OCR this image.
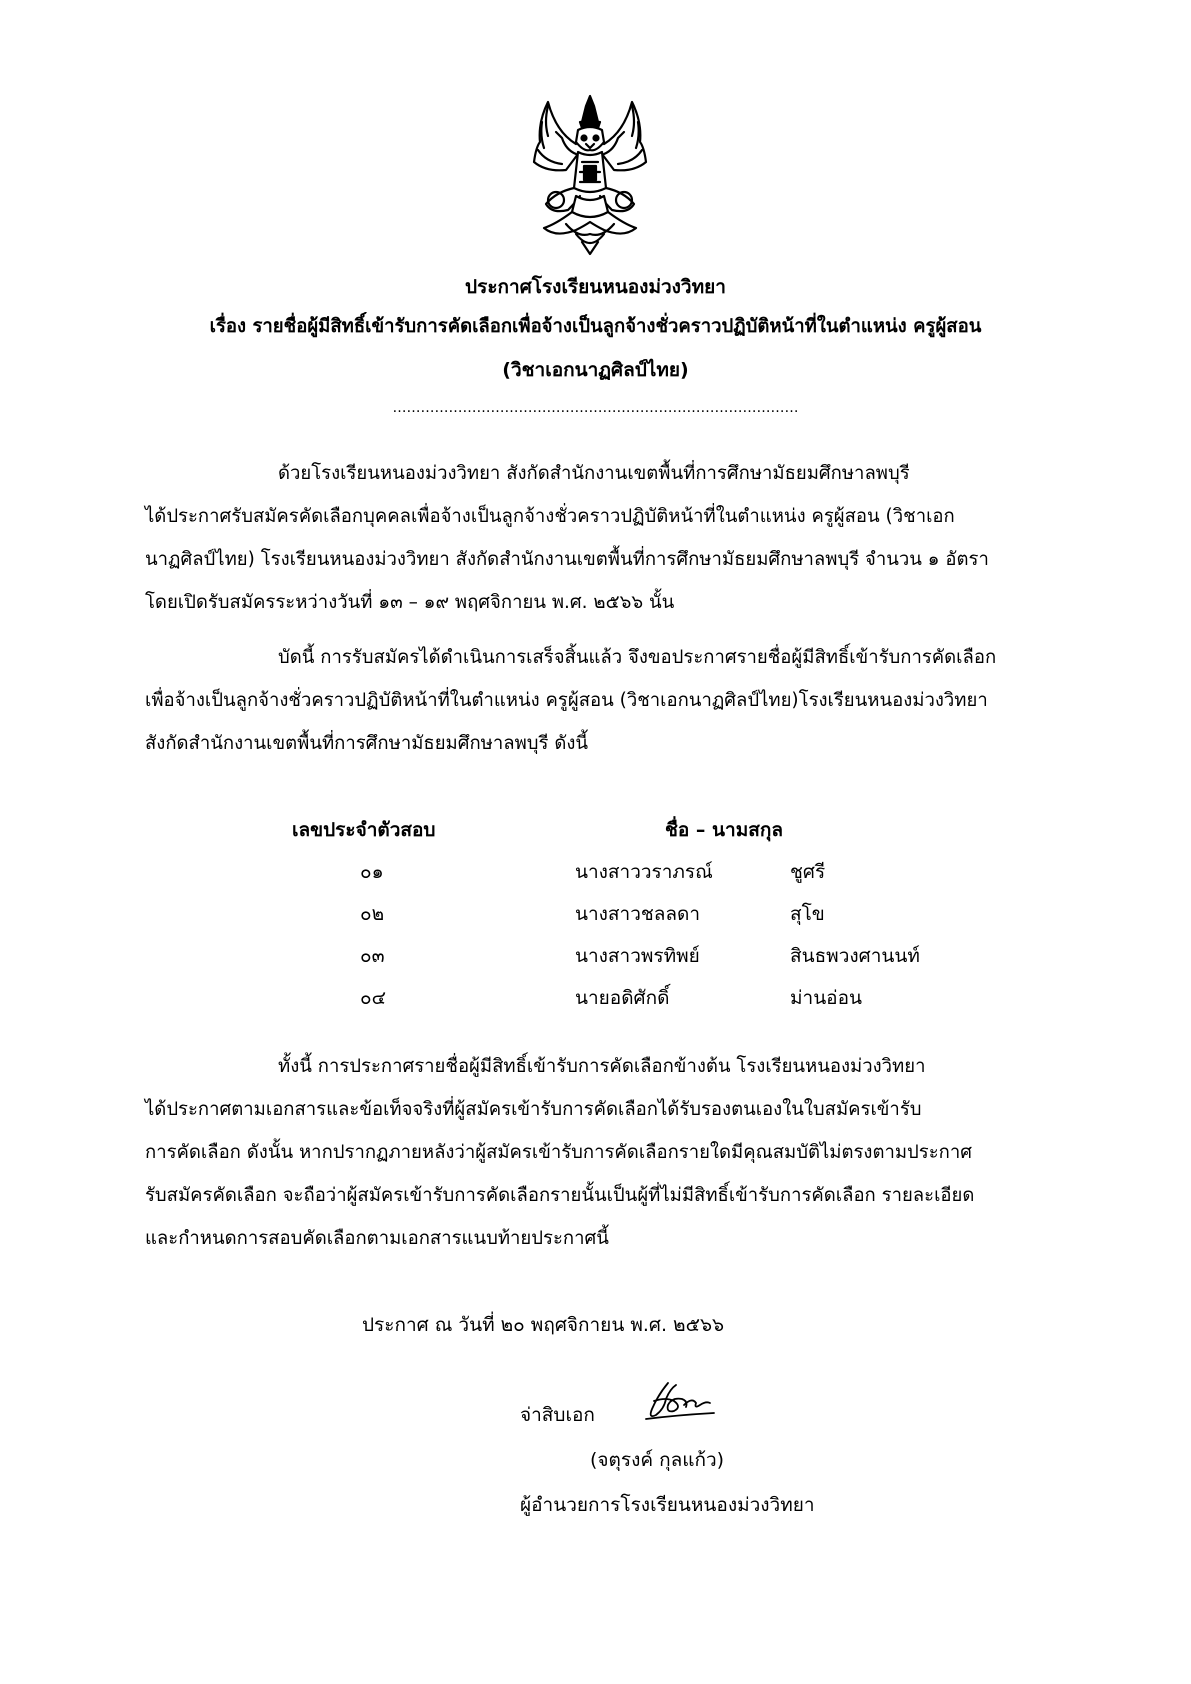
ประกาศโรงเรียนหนองม่วงวิทยา
เรื่อง รายชื่อผู้มีสิทธิ์เข้ารับการคัดเลือกเพื่อจ้างเป็นลูกจ้างชั่วคราวปฏิบัติหน้าที่ในตำแหน่ง ครูผู้สอน
(วิชาเอกนาฏศิลป์ไทย)
……………………………………………………………………………
ด้วยโรงเรียนหนองม่วงวิทยา สังกัดสำนักงานเขตพื้นที่การศึกษามัธยมศึกษาลพบุรี
ได้ประกาศรับสมัครคัดเลือกบุคคลเพื่อจ้างเป็นลูกจ้างชั่วคราวปฏิบัติหน้าที่ในตำแหน่ง ครูผู้สอน (วิชาเอก
นาฏศิลป์ไทย) โรงเรียนหนองม่วงวิทยา สังกัดสำนักงานเขตพื้นที่การศึกษามัธยมศึกษาลพบุรี จำนวน ๑ อัตรา
โดยเปิดรับสมัครระหว่างวันที่ ๑๓ – ๑๙ พฤศจิกายน พ.ศ. ๒๕๖๖ นั้น
บัดนี้ การรับสมัครได้ดำเนินการเสร็จสิ้นแล้ว จึงขอประกาศรายชื่อผู้มีสิทธิ์เข้ารับการคัดเลือก
เพื่อจ้างเป็นลูกจ้างชั่วคราวปฏิบัติหน้าที่ในตำแหน่ง ครูผู้สอน (วิชาเอกนาฏศิลป์ไทย)โรงเรียนหนองม่วงวิทยา
สังกัดสำนักงานเขตพื้นที่การศึกษามัธยมศึกษาลพบุรี ดังนี้
เลขประจำตัวสอบ	ชื่อ – นามสกุล
๐๑	นางสาววราภรณ์	ชูศรี
๐๒	นางสาวชลลดา	สุโข
๐๓	นางสาวพรทิพย์	สินธพวงศานนท์
๐๔	นายอดิศักดิ์	ม่านอ่อน
ทั้งนี้ การประกาศรายชื่อผู้มีสิทธิ์เข้ารับการคัดเลือกข้างต้น โรงเรียนหนองม่วงวิทยา
ได้ประกาศตามเอกสารและข้อเท็จจริงที่ผู้สมัครเข้ารับการคัดเลือกได้รับรองตนเองในใบสมัครเข้ารับ
การคัดเลือก ดังนั้น หากปรากฏภายหลังว่าผู้สมัครเข้ารับการคัดเลือกรายใดมีคุณสมบัติไม่ตรงตามประกาศ
รับสมัครคัดเลือก จะถือว่าผู้สมัครเข้ารับการคัดเลือกรายนั้นเป็นผู้ที่ไม่มีสิทธิ์เข้ารับการคัดเลือก รายละเอียด
และกำหนดการสอบคัดเลือกตามเอกสารแนบท้ายประกาศนี้
ประกาศ ณ วันที่ ๒๐ พฤศจิกายน พ.ศ. ๒๕๖๖
จ่าสิบเอก
(จตุรงค์ กุลแก้ว)
ผู้อำนวยการโรงเรียนหนองม่วงวิทยา
